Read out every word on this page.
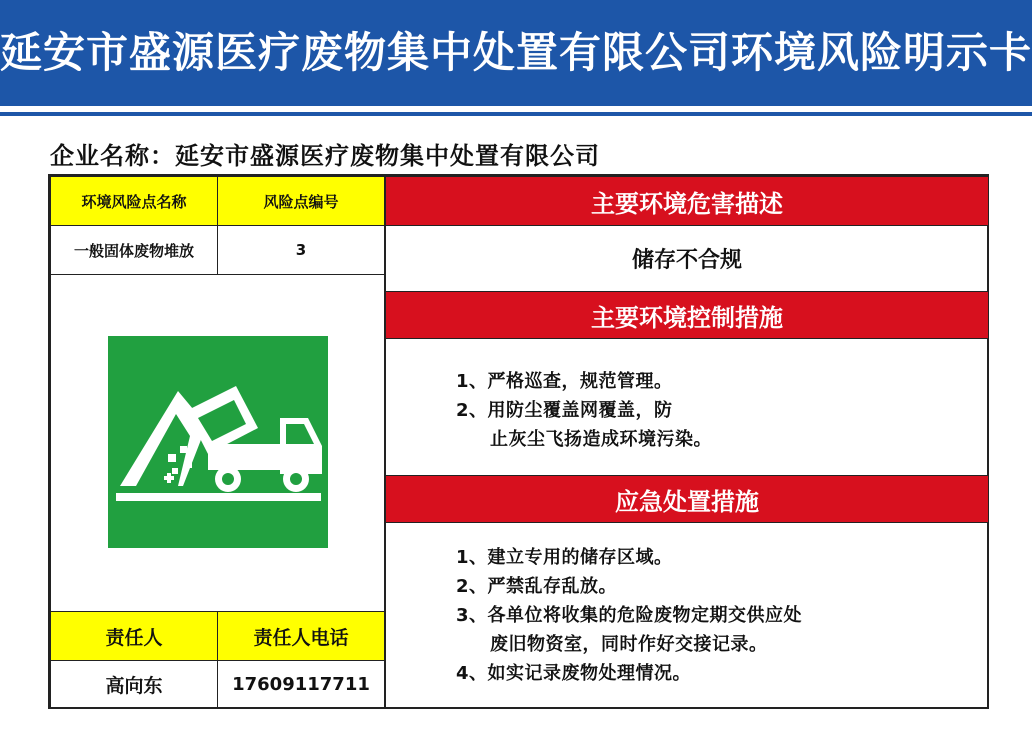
延安市盛源医疗废物集中处置有限公司环境风险明示卡
企业名称：延安市盛源医疗废物集中处置有限公司
环境风险点名称	风险点编号
一般固体废物堆放	3
责任人	责任人电话
高向东	17609117711
主要环境危害描述
储存不合规
主要环境控制措施
1、严格巡查，规范管理。
2、用防尘覆盖网覆盖，防
止灰尘飞扬造成环境污染。
应急处置措施
1、建立专用的储存区域。
2、严禁乱存乱放。
3、各单位将收集的危险废物定期交供应处
废旧物资室，同时作好交接记录。
4、如实记录废物处理情况。
